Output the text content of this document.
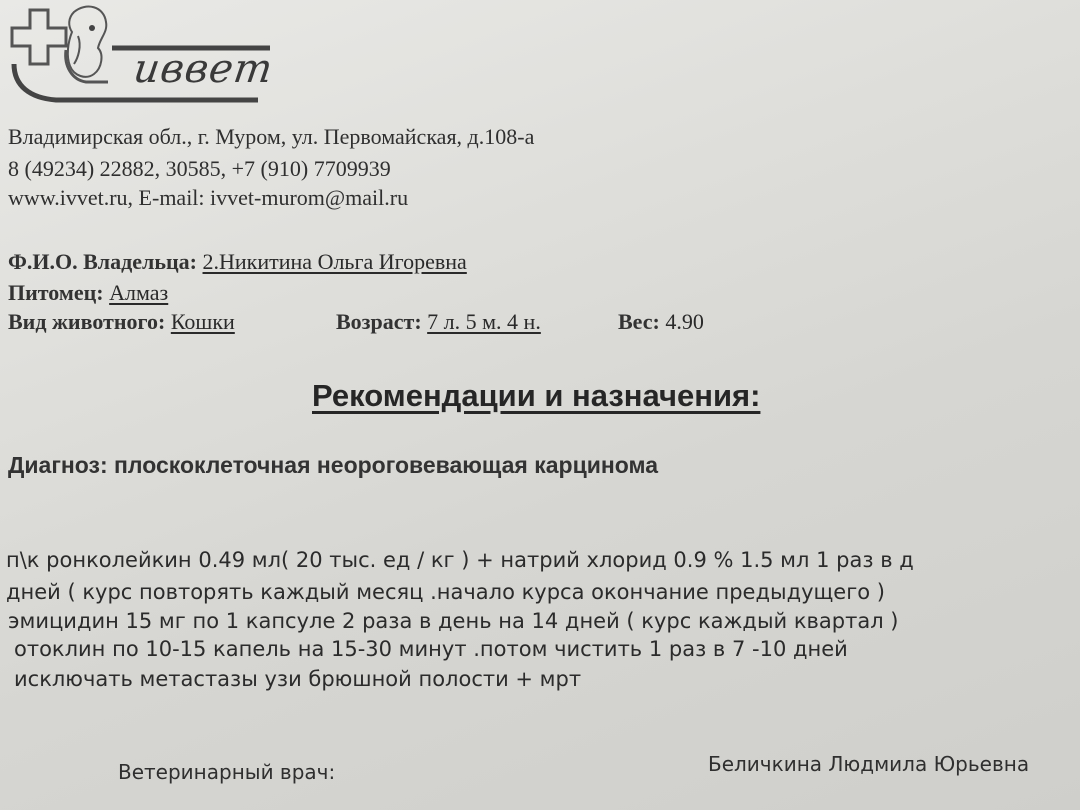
иввет
Владимирская обл., г. Муром, ул. Первомайская, д.108-а
8 (49234) 22882, 30585, +7 (910) 7709939
www.ivvet.ru, E-mail: ivvet-murom@mail.ru
Ф.И.О. Владельца: 2.Никитина Ольга Игоревна
Питомец: Алмаз
Вид животного: Кошки	Возраст: 7 л. 5 м. 4 н.	Вес: 4.90
Рекомендации и назначения:
Диагноз: плоскоклеточная неороговевающая карцинома
п\к ронколейкин 0.49 мл( 20 тыс. ед / кг ) + натрий хлорид 0.9 % 1.5 мл 1 раз в д
дней ( курс повторять каждый месяц .начало курса окончание предыдущего )
эмицидин 15 мг по 1 капсуле 2 раза в день на 14 дней ( курс каждый квартал )
отоклин по 10-15 капель на 15-30 минут .потом чистить 1 раз в 7 -10 дней
исключать метастазы узи брюшной полости + мрт
Ветеринарный врач:	Беличкина Людмила Юрьевна
